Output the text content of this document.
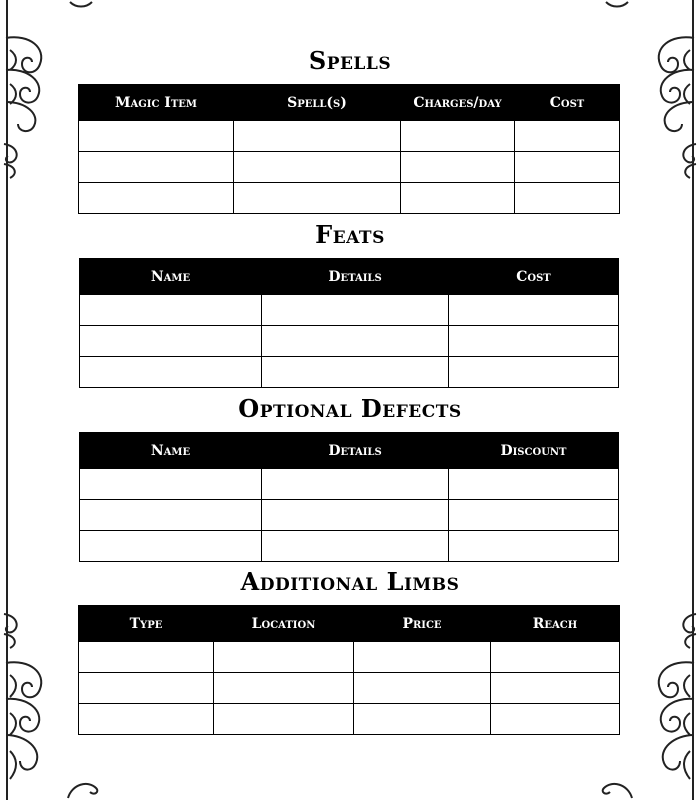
Spells
Magic Item	Spell(s)	Charges/day	Cost

Feats
Name	Details	Cost

Optional Defects
Name	Details	Discount

Additional Limbs
Type	Location	Price	Reach
